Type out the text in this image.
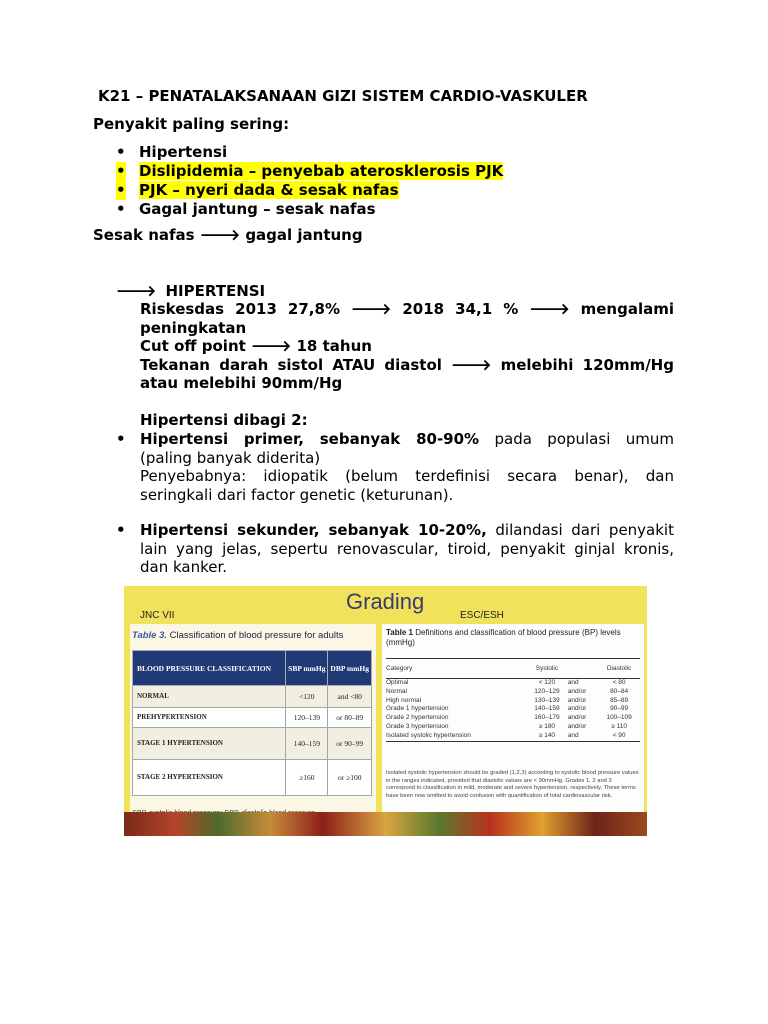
K21 – PENATALAKSANAAN GIZI SISTEM CARDIO-VASKULER
Penyakit paling sering:
• Hipertensi
• Dislipidemia – penyebab aterosklerosis PJK
• PJK – nyeri dada & sesak nafas
• Gagal jantung – sesak nafas
Sesak nafas 🡒 gagal jantung
🡒 HIPERTENSI
Riskesdas 2013 27,8% 🡒 2018 34,1 % 🡒 mengalami
peningkatan
Cut off point 🡒 18 tahun
Tekanan darah sistol ATAU diastol 🡒 melebihi 120mm/Hg
atau melebihi 90mm/Hg
Hipertensi dibagi 2:
• Hipertensi primer, sebanyak 80-90% pada populasi umum
(paling banyak diderita)
Penyebabnya: idiopatik (belum terdefinisi secara benar), dan
seringkali dari factor genetic (keturunan).
• Hipertensi sekunder, sebanyak 10-20%, dilandasi dari penyakit
lain yang jelas, sepertu renovascular, tiroid, penyakit ginjal kronis,
dan kanker.
JNC VII
Grading
ESC/ESH
Table 3. Classification of blood pressure for adults
BLOOD PRESSURE CLASSIFICATION	SBP mmHg	DBP mmHg
NORMAL	<120	and <80
PREHYPERTENSION	120–139	or 80–89
STAGE 1 HYPERTENSION	140–159	or 90–99
STAGE 2 HYPERTENSION	≥160	or ≥100
Table 1 Definitions and classification of blood pressure (BP) levels (mmHg)
Category	Systolic		Diastolic
Optimal	< 120	and	< 80
Normal	120–129	and/or	80–84
High normal	130–139	and/or	85–89
Grade 1 hypertension	140–159	and/or	90–99
Grade 2 hypertension	160–179	and/or	100–109
Grade 3 hypertension	≥ 180	and/or	≥ 110
Isolated systolic hypertension	≥ 140	and	< 90
Isolated systolic hypertension should be graded (1,2,3) according to systolic blood pressure values in the ranges indicated, provided that diastolic values are < 90mmHg. Grades 1, 2 and 3 correspond to classification in mild, moderate and severe hypertension, respectively. These terms have been now omitted to avoid confusion with quantification of total cardiovascular risk.
